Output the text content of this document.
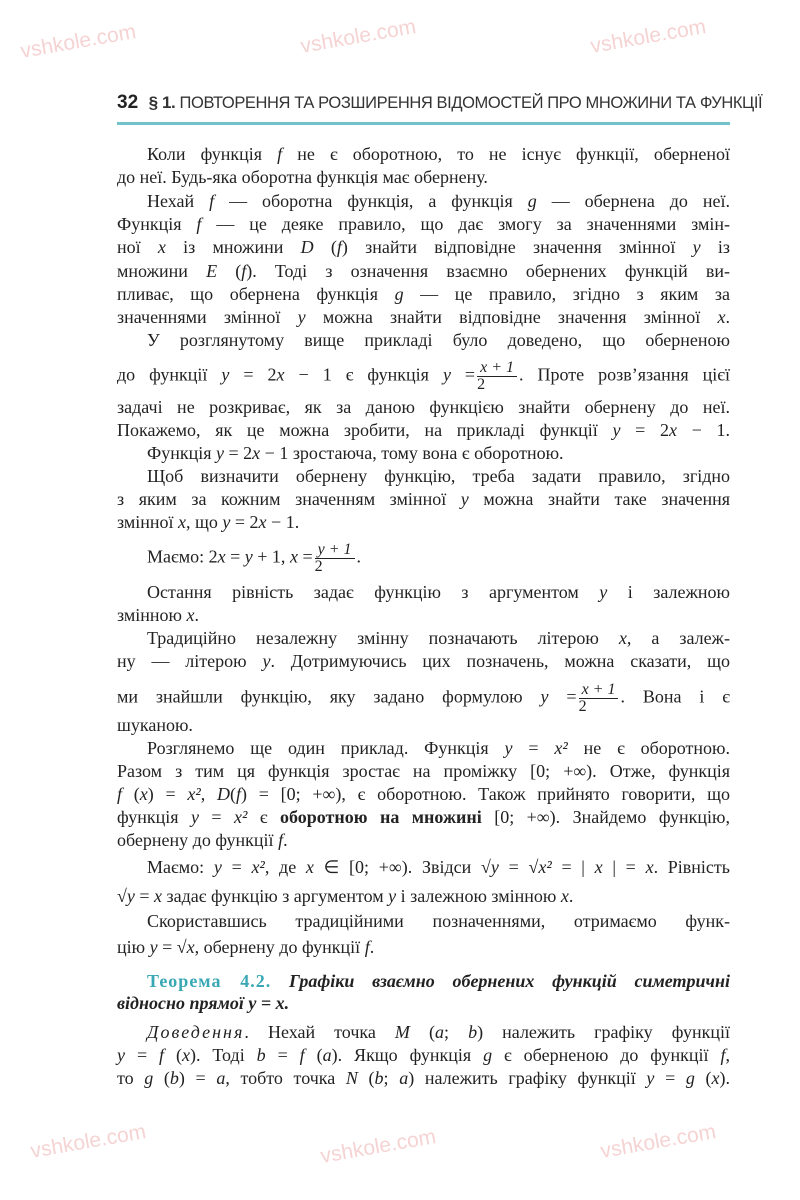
vshkole.com	vshkole.com	vshkole.com
vshkole.com	vshkole.com	vshkole.com
32 § 1. ПОВТОРЕННЯ ТА РОЗШИРЕННЯ ВІДОМОСТЕЙ ПРО МНОЖИНИ ТА ФУНКЦІЇ
Коли функція f не є оборотною, то не існує функції, оберненої
до неї. Будь-яка оборотна функція має обернену.
Нехай f — оборотна функція, а функція g — обернена до неї.
Функція f — це деяке правило, що дає змогу за значеннями змін-
ної x із множини D (f) знайти відповідне значення змінної y із
множини E (f). Тоді з означення взаємно обернених функцій ви-
пливає, що обернена функція g — це правило, згідно з яким за
значеннями змінної y можна знайти відповідне значення змінної x.
У розглянутому вище прикладі було доведено, що оберненою
до функції y = 2x − 1 є функція $y = \frac{x + 1}{2}$ . Проте розв’язання цієї
задачі не розкриває, як за даною функцією знайти обернену до неї.
Покажемо, як це можна зробити, на прикладі функції y = 2x − 1.
Функція y = 2x − 1 зростаюча, тому вона є оборотною.
Щоб визначити обернену функцію, треба задати правило, згідно
з яким за кожним значенням змінної y можна знайти таке значення
змінної x, що y = 2x − 1.
Маємо: 2x = y + 1, $x = \frac{y + 1}{2}$ .
Остання рівність задає функцію з аргументом y і залежною
змінною x.
Традиційно незалежну змінну позначають літерою x, а залеж-
ну — літерою y. Дотримуючись цих позначень, можна сказати, що
ми знайшли функцію, яку задано формулою $y = \frac{x + 1}{2}$ . Вона і є
шуканою.
Розглянемо ще один приклад. Функція y = x² не є оборотною.
Разом з тим ця функція зростає на проміжку [0; +∞). Отже, функція
f (x) = x², D(f) = [0; +∞), є оборотною. Також прийнято говорити, що
функція y = x² є оборотною на множині [0; +∞). Знайдемо функцію,
обернену до функції f.
Маємо: y = x², де x ∈ [0; +∞). Звідси √y = √x² = | x | = x. Рівність
√y = x задає функцію з аргументом y і залежною змінною x.
Скориставшись традиційними позначеннями, отримаємо функ-
цію y = √x, обернену до функції f.
Теорема 4.2. Графіки взаємно обернених функцій симетричні
відносно прямої y = x.
Доведення. Нехай точка M (a; b) належить графіку функції
y = f (x). Тоді b = f (a). Якщо функція g є оберненою до функції f,
то g (b) = a, тобто точка N (b; a) належить графіку функції y = g (x).
